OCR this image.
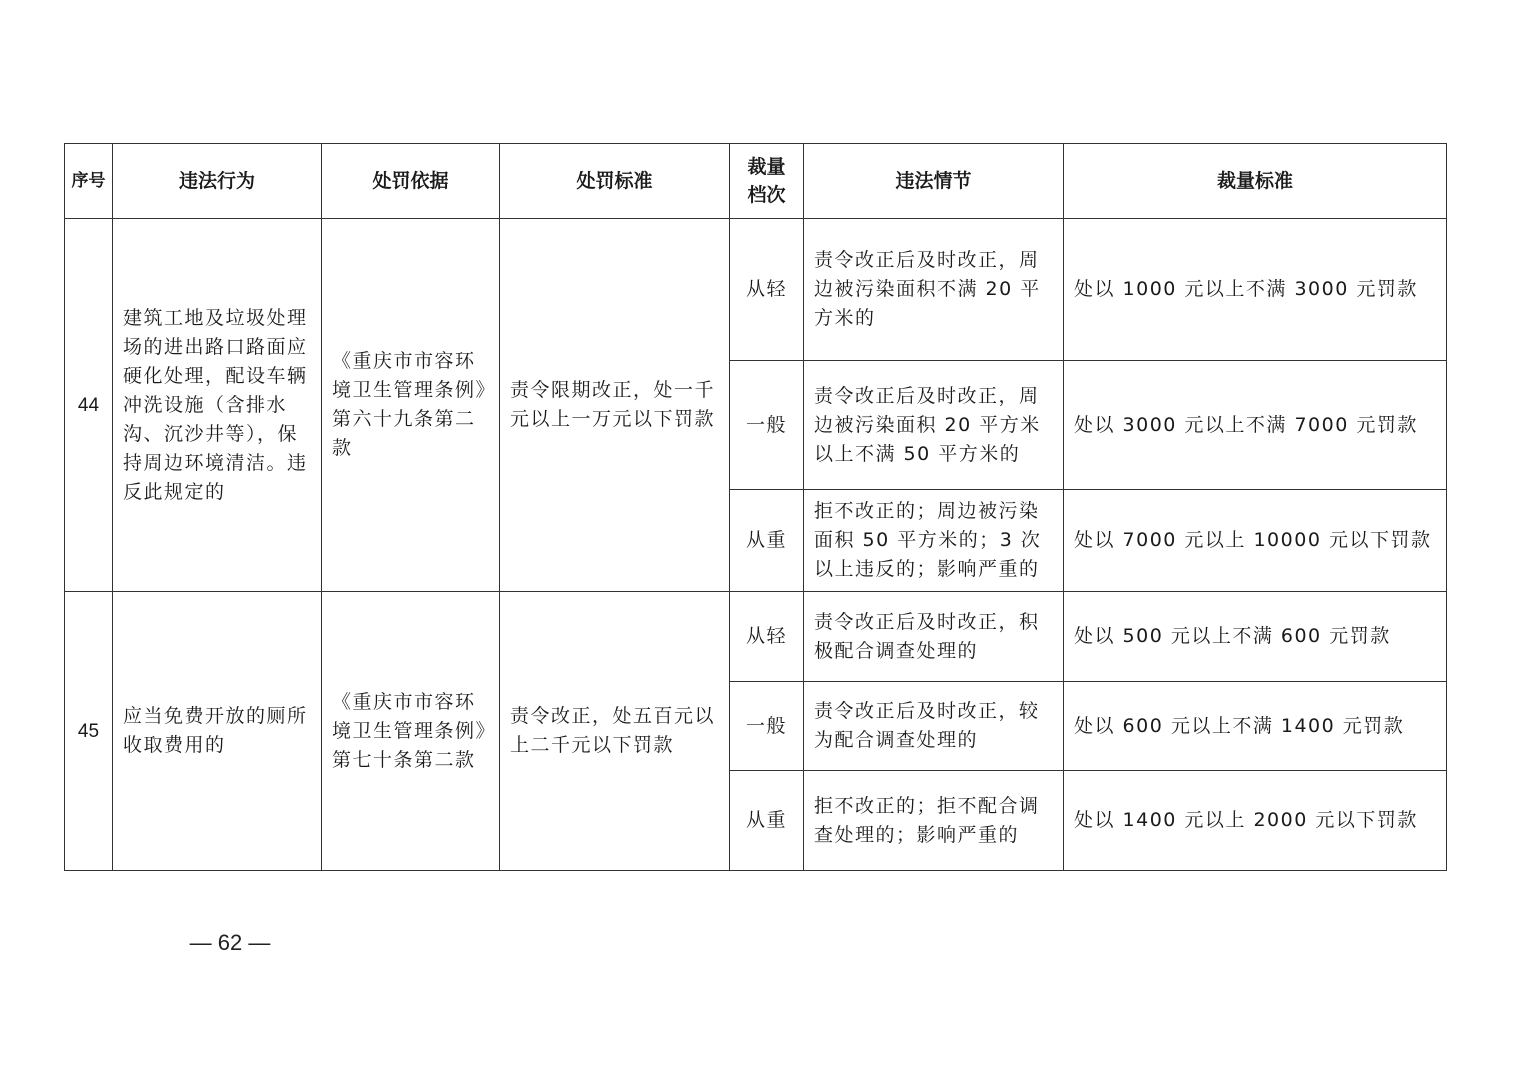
序号	违法行为	处罚依据	处罚标准	裁量档次	违法情节	裁量标准
44	建筑工地及垃圾处理场的进出路口路面应硬化处理，配设车辆冲洗设施（含排水沟、沉沙井等），保持周边环境清洁。违反此规定的	《重庆市市容环境卫生管理条例》第六十九条第二款	责令限期改正，处一千元以上一万元以下罚款	从轻	责令改正后及时改正，周边被污染面积不满 20 平方米的	处以 1000 元以上不满 3000 元罚款
				一般	责令改正后及时改正，周边被污染面积 20 平方米以上不满 50 平方米的	处以 3000 元以上不满 7000 元罚款
				从重	拒不改正的；周边被污染面积 50 平方米的；3 次以上违反的；影响严重的	处以 7000 元以上 10000 元以下罚款
45	应当免费开放的厕所收取费用的	《重庆市市容环境卫生管理条例》第七十条第二款	责令改正，处五百元以上二千元以下罚款	从轻	责令改正后及时改正，积极配合调查处理的	处以 500 元以上不满 600 元罚款
				一般	责令改正后及时改正，较为配合调查处理的	处以 600 元以上不满 1400 元罚款
				从重	拒不改正的；拒不配合调查处理的；影响严重的	处以 1400 元以上 2000 元以下罚款
— 62 —
